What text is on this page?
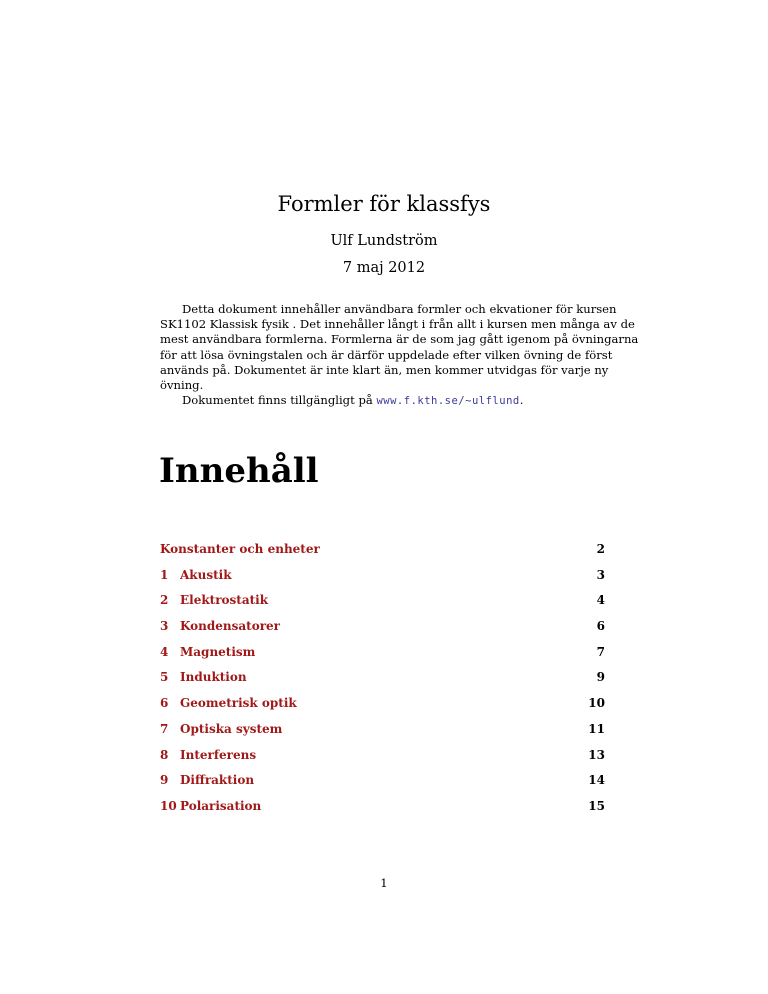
Formler för klassfys
Ulf Lundström
7 maj 2012
Detta dokument innehåller användbara formler och ekvationer för kursen
SK1102 Klassisk fysik . Det innehåller långt i från allt i kursen men många av de
mest användbara formlerna. Formlerna är de som jag gått igenom på övningarna
för att lösa övningstalen och är därför uppdelade efter vilken övning de först
används på. Dokumentet är inte klart än, men kommer utvidgas för varje ny
övning.

Dokumentet finns tillgängligt på www.f.kth.se/~ulflund.

Innehåll
Konstanter och enheter	2
1 Akustik	3
2 Elektrostatik	4
3 Kondensatorer	6
4 Magnetism	7
5 Induktion	9
6 Geometrisk optik	10
7 Optiska system	11
8 Interferens	13
9 Diffraktion	14
10 Polarisation	15
1
